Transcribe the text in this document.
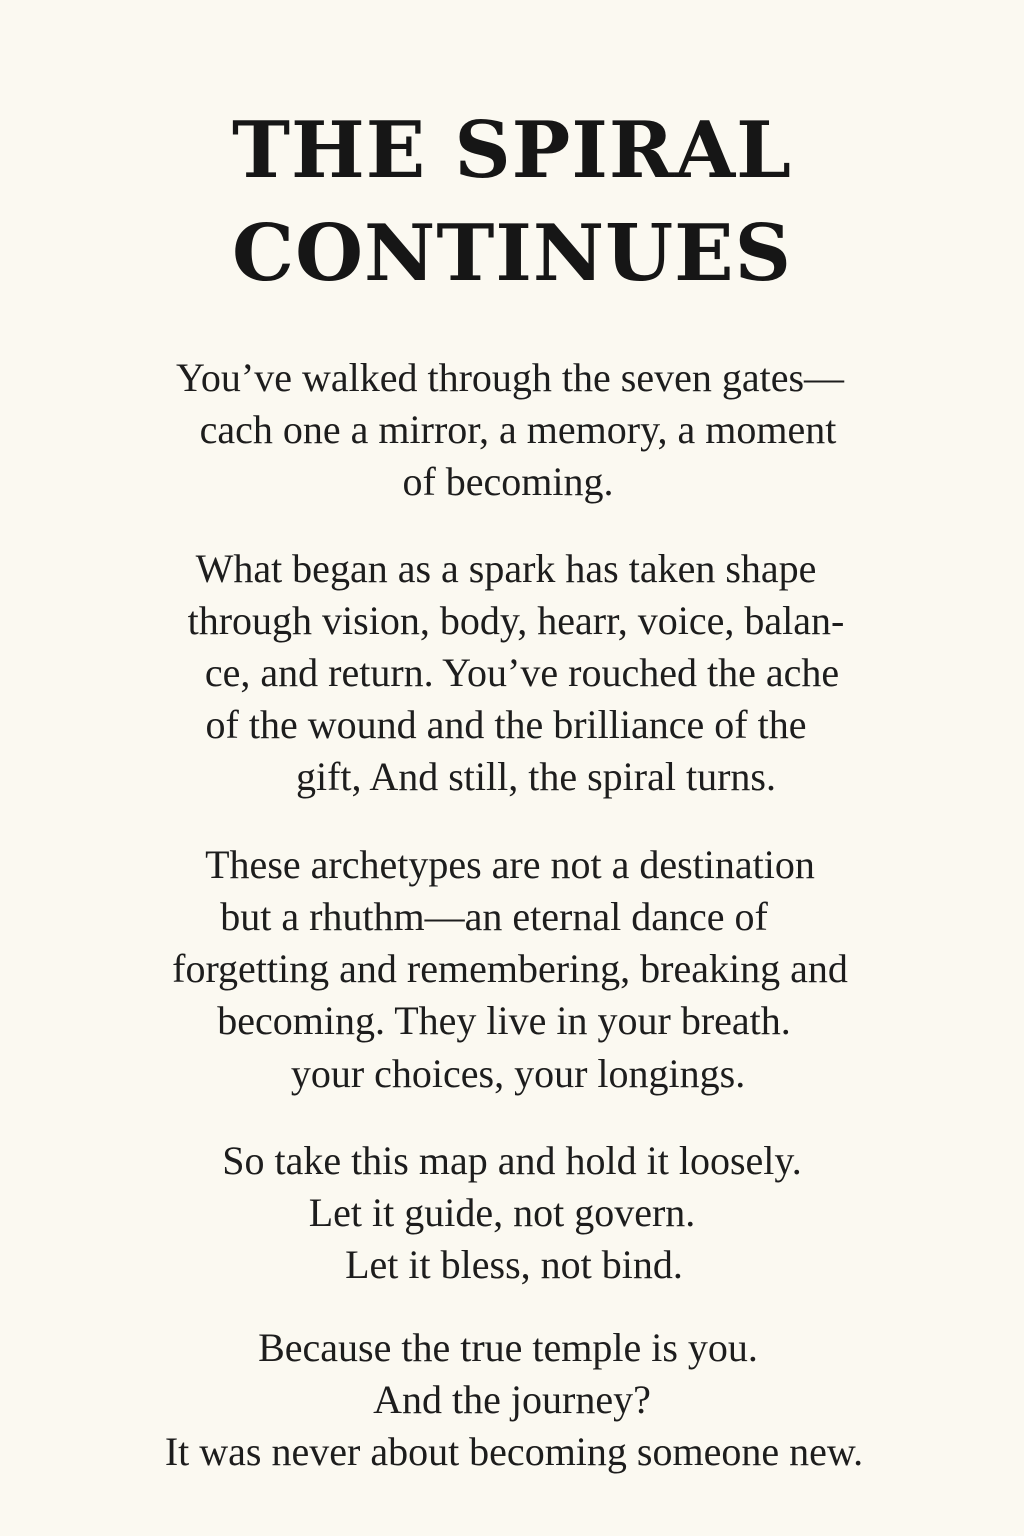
THE SPIRAL
CONTINUES
You’ve walked through the seven gates—
cach one a mirror, a memory, a moment
of becoming.
What began as a spark has taken shape
through vision, body, hearr, voice, balan-
ce, and return. You’ve rouched the ache
of the wound and the brilliance of the
gift, And still, the spiral turns.
These archetypes are not a destination
but a rhuthm—an eternal dance of
forgetting and remembering, breaking and
becoming. They live in your breath.
your choices, your longings.
So take this map and hold it loosely.
Let it guide, not govern.
Let it bless, not bind.
Because the true temple is you.
And the journey?
It was never about becoming someone new.
